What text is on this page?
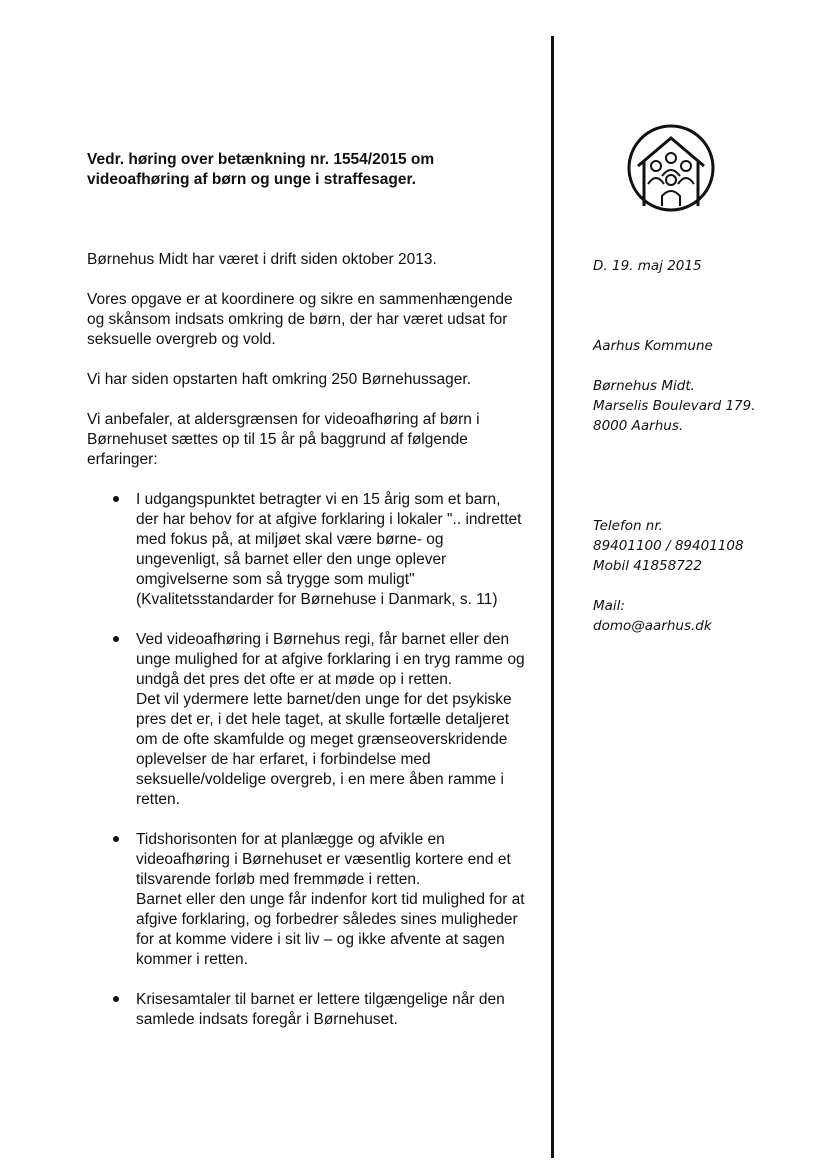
Vedr. høring over betænkning nr. 1554/2015 om
videoafhøring af børn og unge i straffesager.

Børnehus Midt har været i drift siden oktober 2013.

Vores opgave er at koordinere og sikre en sammenhængende
og skånsom indsats omkring de børn, der har været udsat for
seksuelle overgreb og vold.

Vi har siden opstarten haft omkring 250 Børnehussager.

Vi anbefaler, at aldersgrænsen for videoafhøring af børn i
Børnehuset sættes op til 15 år på baggrund af følgende
erfaringer:

I udgangspunktet betragter vi en 15 årig som et barn,
der har behov for at afgive forklaring i lokaler ".. indrettet
med fokus på, at miljøet skal være børne- og
ungevenligt, så barnet eller den unge oplever
omgivelserne som så trygge som muligt"
(Kvalitetsstandarder for Børnehuse i Danmark, s. 11)
Ved videoafhøring i Børnehus regi, får barnet eller den
unge mulighed for at afgive forklaring i en tryg ramme og
undgå det pres det ofte er at møde op i retten.
Det vil ydermere lette barnet/den unge for det psykiske
pres det er, i det hele taget, at skulle fortælle detaljeret
om de ofte skamfulde og meget grænseoverskridende
oplevelser de har erfaret, i forbindelse med
seksuelle/voldelige overgreb, i en mere åben ramme i
retten.
Tidshorisonten for at planlægge og afvikle en
videoafhøring i Børnehuset er væsentlig kortere end et
tilsvarende forløb med fremmøde i retten.
Barnet eller den unge får indenfor kort tid mulighed for at
afgive forklaring, og forbedrer således sines muligheder
for at komme videre i sit liv – og ikke afvente at sagen
kommer i retten.
Krisesamtaler til barnet er lettere tilgængelige når den
samlede indsats foregår i Børnehuset.
D. 19. maj 2015
Aarhus Kommune
Børnehus Midt.
Marselis Boulevard 179.
8000 Aarhus.
Telefon nr.
89401100 / 89401108
Mobil 41858722
Mail:
domo@aarhus.dk
